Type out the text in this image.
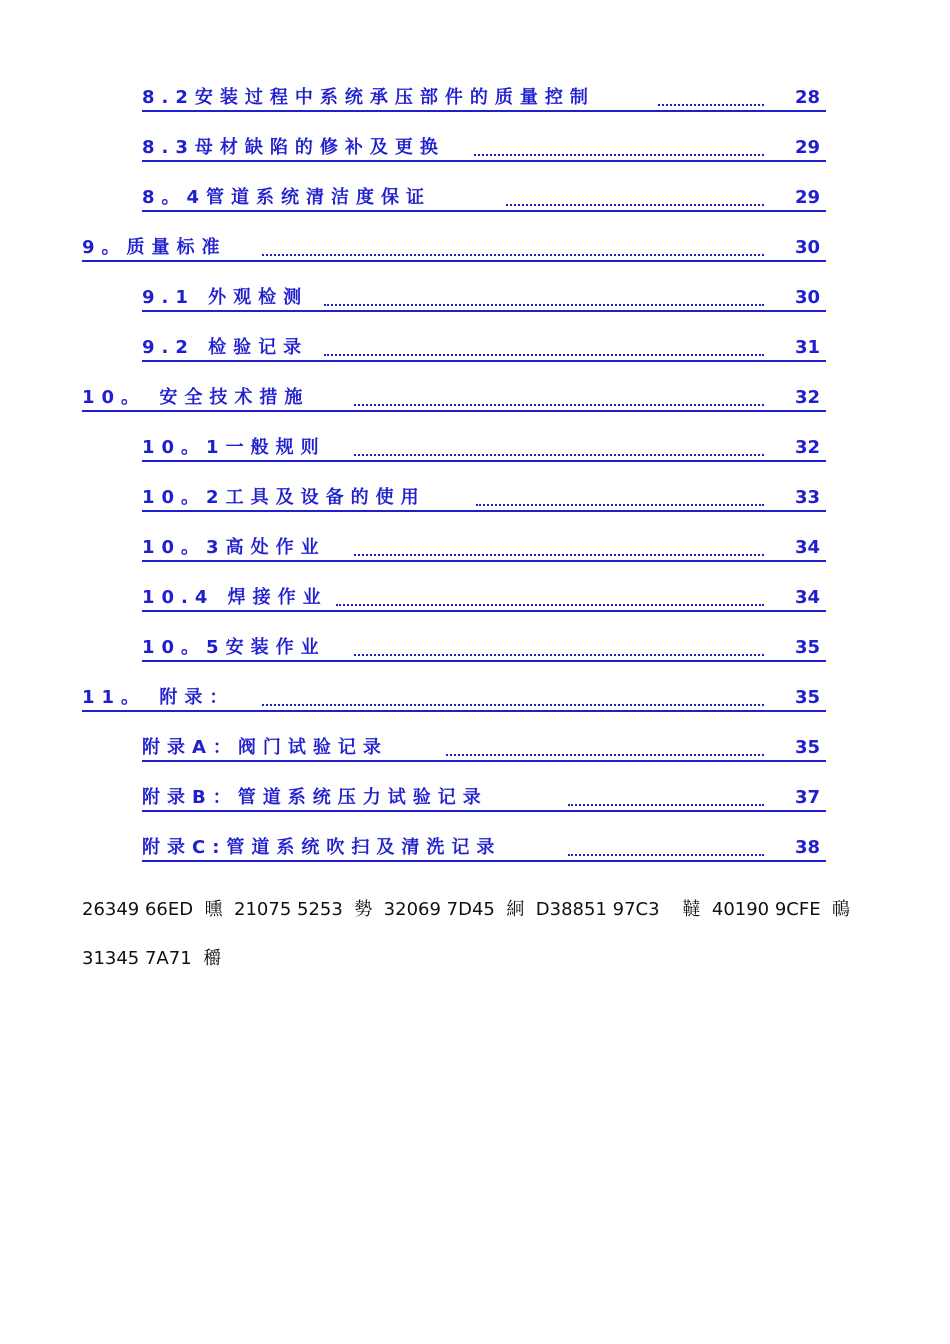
8.2安装过程中系统承压部件的质量控制	28
8.3母材缺陷的修补及更换	29
8。4管道系统清洁度保证	29
9。质量标准	30
9.1 外观检测	30
9.2 检验记录	31
10。 安全技术措施	32
10。1一般规则	32
10。2工具及设备的使用	33
10。3高处作业	34
10.4 焊接作业	34
10。5安装作业	35
11。 附录：	35
附录A：阀门试验记录	35
附录B：管道系统压力试验记录	37
附录C:管道系统吹扫及清洗记录	38
26349 66ED  曛  21075 5253  勢  32069 7D45  絅  D38851 97C3    韃  40190 9CFE  鳾
31345 7A71  穱
